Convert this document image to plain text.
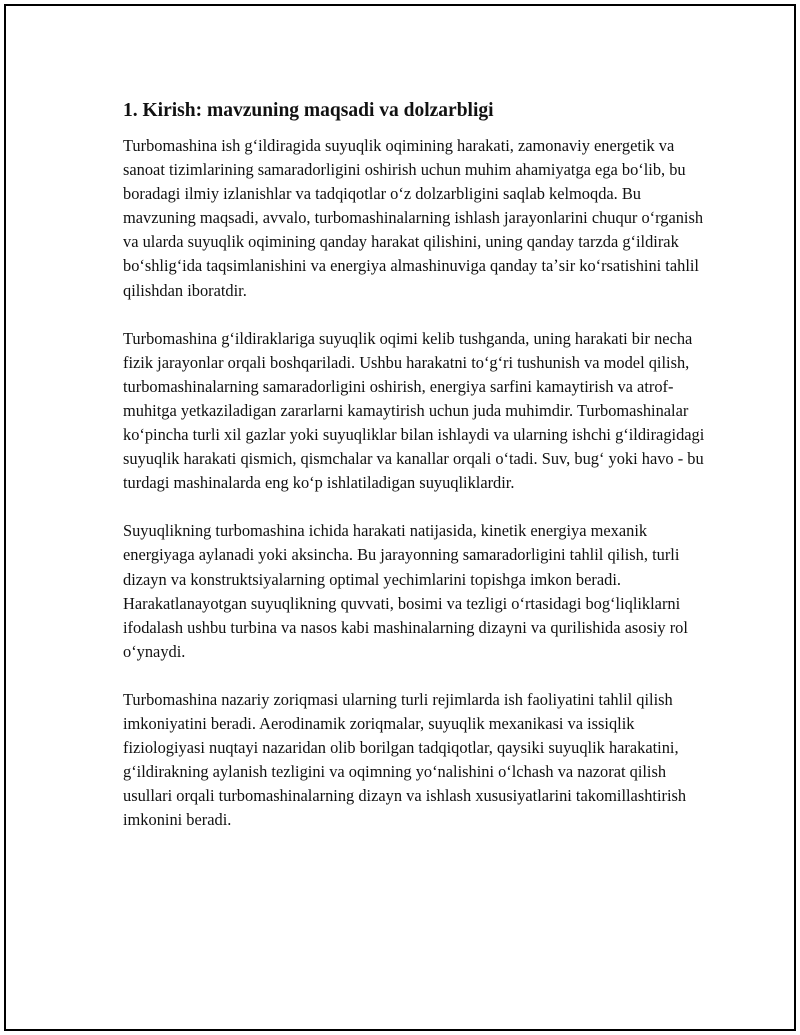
1. Kirish: mavzuning maqsadi va dolzarbligi

Turbomashina ish gʻildiragida suyuqlik oqimining harakati, zamonaviy energetik va sanoat tizimlarining samaradorligini oshirish uchun muhim ahamiyatga ega boʻlib, bu boradagi ilmiy izlanishlar va tadqiqotlar oʻz dolzarbligini saqlab kelmoqda. Bu mavzuning maqsadi, avvalo, turbomashinalarning ishlash jarayonlarini chuqur oʻrganish va ularda suyuqlik oqimining qanday harakat qilishini, uning qanday tarzda gʻildirak boʻshligʻida taqsimlanishini va energiya almashinuviga qanday taʼsir koʻrsatishini tahlil qilishdan iboratdir.

Turbomashina gʻildiraklariga suyuqlik oqimi kelib tushganda, uning harakati bir necha fizik jarayonlar orqali boshqariladi. Ushbu harakatni toʻgʻri tushunish va model qilish, turbomashinalarning samaradorligini oshirish, energiya sarfini kamaytirish va atrof-muhitga yetkaziladigan zararlarni kamaytirish uchun juda muhimdir. Turbomashinalar koʻpincha turli xil gazlar yoki suyuqliklar bilan ishlaydi va ularning ishchi gʻildiragidagi suyuqlik harakati qismich, qismchalar va kanallar orqali oʻtadi. Suv, bugʻ yoki havo - bu turdagi mashinalarda eng koʻp ishlatiladigan suyuqliklardir.

Suyuqlikning turbomashina ichida harakati natijasida, kinetik energiya mexanik energiyaga aylanadi yoki aksincha. Bu jarayonning samaradorligini tahlil qilish, turli dizayn va konstruktsiyalarning optimal yechimlarini topishga imkon beradi. Harakatlanayotgan suyuqlikning quvvati, bosimi va tezligi oʻrtasidagi bogʻliqliklarni ifodalash ushbu turbina va nasos kabi mashinalarning dizayni va qurilishida asosiy rol oʻynaydi.

Turbomashina nazariy zoriqmasi ularning turli rejimlarda ish faoliyatini tahlil qilish imkoniyatini beradi. Aerodinamik zoriqmalar, suyuqlik mexanikasi va issiqlik fiziologiyasi nuqtayi nazaridan olib borilgan tadqiqotlar, qaysiki suyuqlik harakatini, gʻildirakning aylanish tezligini va oqimning yoʻnalishini oʻlchash va nazorat qilish usullari orqali turbomashinalarning dizayn va ishlash xususiyatlarini takomillashtirish imkonini beradi.
